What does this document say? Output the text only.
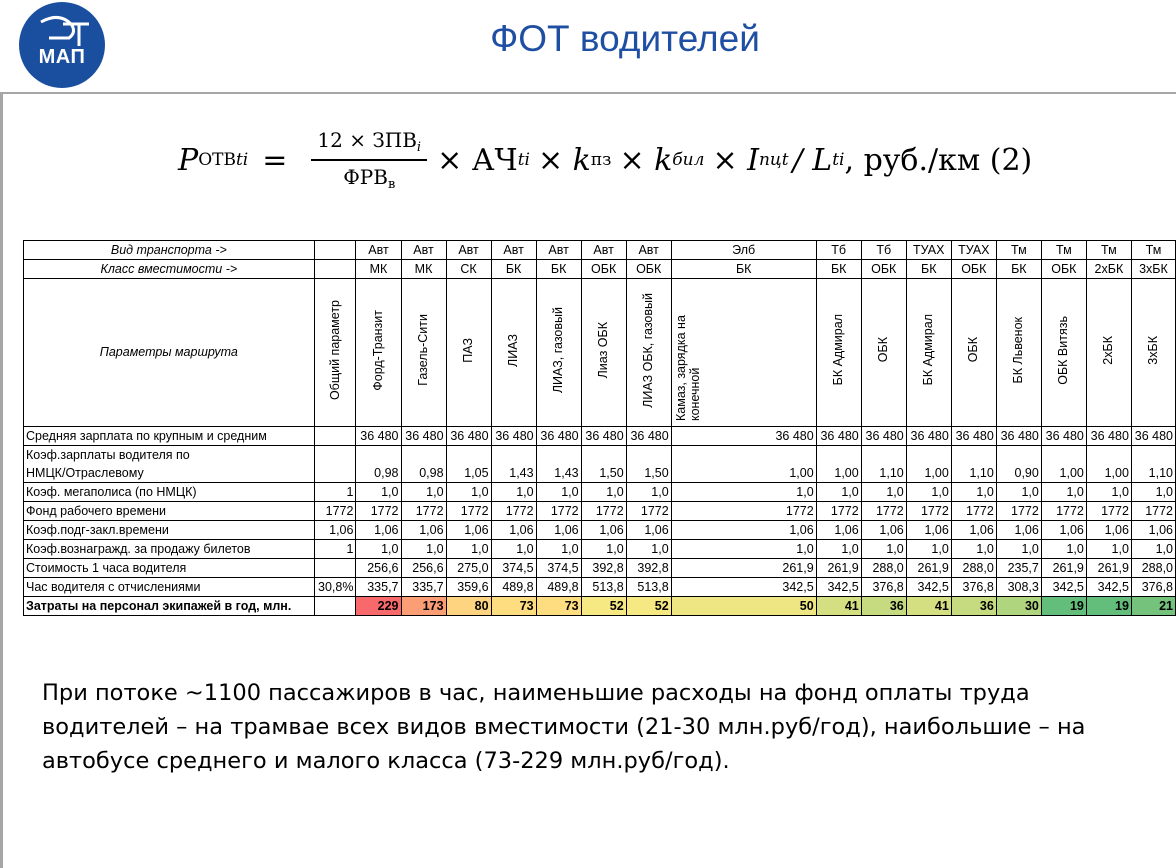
МАП	ФОТ водителей
P ОТВti = $\frac{12 \times ЗПВ_i}{ФРВ_в}$ × АЧ ti × k пз × k бил × I пцt / L ti , руб./км (2)
Вид транспорта ->		Авт	Авт	Авт	Авт	Авт	Авт	Авт	Элб	Тб	Тб	ТУАХ	ТУАХ	Тм	Тм	Тм	Тм
Класс вместимости ->		МК	МК	СК	БК	БК	ОБК	ОБК	БК	БК	ОБК	БК	ОБК	БК	ОБК	2хБК	3хБК
Параметры маршрута	Общий параметр	Форд-Транзит	Газель-Сити	ПАЗ	ЛИАЗ	ЛИАЗ, газовый	Лиаз ОБК	ЛИАЗ ОБК, газовый	Камаз, зарядка на конечной	БК Адмирал	ОБК	БК Адмирал	ОБК	БК Львенок	ОБК Витязь	2хБК	3хБК
Средняя зарплата по крупным и средним		36 480	36 480	36 480	36 480	36 480	36 480	36 480	36 480	36 480	36 480	36 480	36 480	36 480	36 480	36 480	36 480
Коэф.зарплаты водителя по																	
НМЦК/Отраслевому		0,98	0,98	1,05	1,43	1,43	1,50	1,50	1,00	1,00	1,10	1,00	1,10	0,90	1,00	1,00	1,10
Коэф. мегаполиса (по НМЦК)	1	1,0	1,0	1,0	1,0	1,0	1,0	1,0	1,0	1,0	1,0	1,0	1,0	1,0	1,0	1,0	1,0
Фонд рабочего времени	1772	1772	1772	1772	1772	1772	1772	1772	1772	1772	1772	1772	1772	1772	1772	1772	1772
Коэф.подг-закл.времени	1,06	1,06	1,06	1,06	1,06	1,06	1,06	1,06	1,06	1,06	1,06	1,06	1,06	1,06	1,06	1,06	1,06
Коэф.вознагражд. за продажу билетов	1	1,0	1,0	1,0	1,0	1,0	1,0	1,0	1,0	1,0	1,0	1,0	1,0	1,0	1,0	1,0	1,0
Стоимость 1 часа водителя		256,6	256,6	275,0	374,5	374,5	392,8	392,8	261,9	261,9	288,0	261,9	288,0	235,7	261,9	261,9	288,0
Час водителя с отчислениями	30,8%	335,7	335,7	359,6	489,8	489,8	513,8	513,8	342,5	342,5	376,8	342,5	376,8	308,3	342,5	342,5	376,8
Затраты на персонал экипажей в год, млн.		229	173	80	73	73	52	52	50	41	36	41	36	30	19	19	21
При потоке ~1100 пассажиров в час, наименьшие расходы на фонд оплаты труда водителей – на трамвае всех видов вместимости (21-30 млн.руб/год), наибольшие – на автобусе среднего и малого класса (73-229 млн.руб/год).
